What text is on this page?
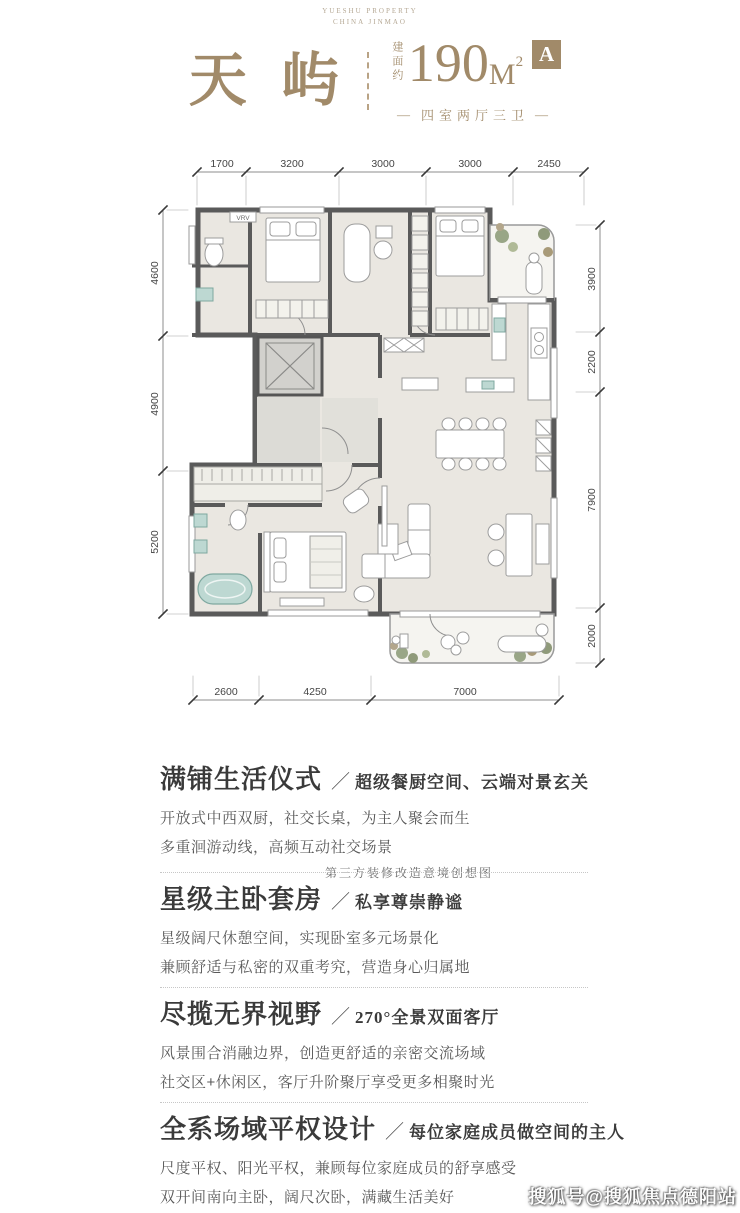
YUESHU PROPERTY
CHINA JINMAO
天屿 建面约 190 $M^2$ A
— 四室两厅三卫 —
1700	3200	3000	3000	2450
4600
4900
5200
3900
2200
7900
2000
2600	4250	7000
VRV
第三方装修改造意境创想图
满铺生活仪式 ／ 超级餐厨空间、云端对景玄关
开放式中西双厨，社交长桌，为主人聚会而生
多重洄游动线，高频互动社交场景
星级主卧套房 ／ 私享尊崇静谧
星级阔尺休憩空间，实现卧室多元场景化
兼顾舒适与私密的双重考究，营造身心归属地
尽揽无界视野 ／ 270°全景双面客厅
风景围合消融边界，创造更舒适的亲密交流场域
社交区+休闲区，客厅升阶聚厅享受更多相聚时光
全系场域平权设计 ／ 每位家庭成员做空间的主人
尺度平权、阳光平权，兼顾每位家庭成员的舒享感受
双开间南向主卧，阔尺次卧，满藏生活美好	搜狐号@搜狐焦点德阳站
